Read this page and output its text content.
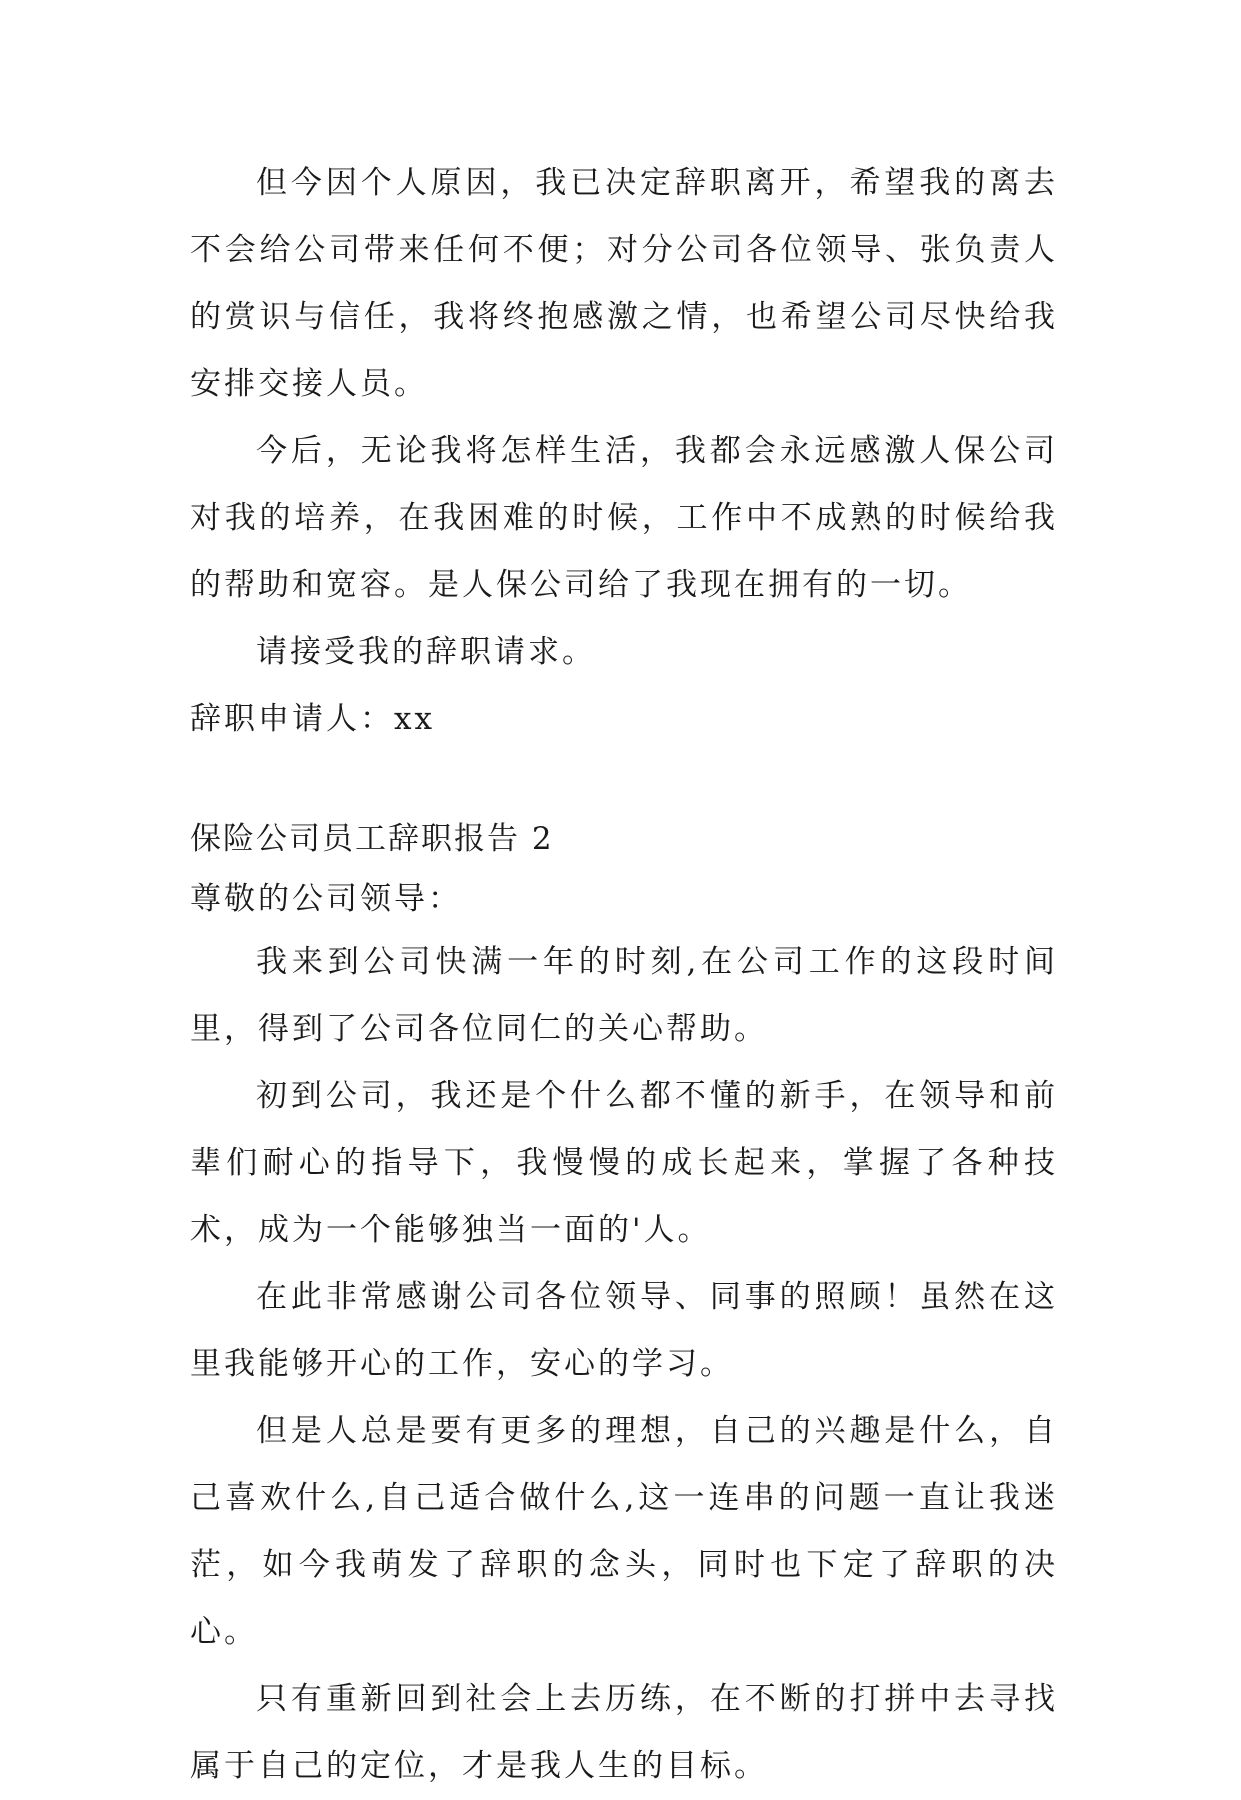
但今因个人原因，我已决定辞职离开，希望我的离去不会给公司带来任何不便；对分公司各位领导、张负责人的赏识与信任，我将终抱感激之情，也希望公司尽快给我安排交接人员。

今后，无论我将怎样生活，我都会永远感激人保公司对我的培养，在我困难的时候，工作中不成熟的时候给我的帮助和宽容。是人保公司给了我现在拥有的一切。

请接受我的辞职请求。

辞职申请人：xx

保险公司员工辞职报告 2

尊敬的公司领导：

我来到公司快满一年的时刻,在公司工作的这段时间里，得到了公司各位同仁的关心帮助。

初到公司，我还是个什么都不懂的新手，在领导和前辈们耐心的指导下，我慢慢的成长起来，掌握了各种技术，成为一个能够独当一面的'人。

在此非常感谢公司各位领导、同事的照顾！虽然在这里我能够开心的工作，安心的学习。

但是人总是要有更多的理想，自己的兴趣是什么，自己喜欢什么,自己适合做什么,这一连串的问题一直让我迷茫，如今我萌发了辞职的念头，同时也下定了辞职的决心。

只有重新回到社会上去历练，在不断的打拼中去寻找属于自己的定位，才是我人生的目标。
